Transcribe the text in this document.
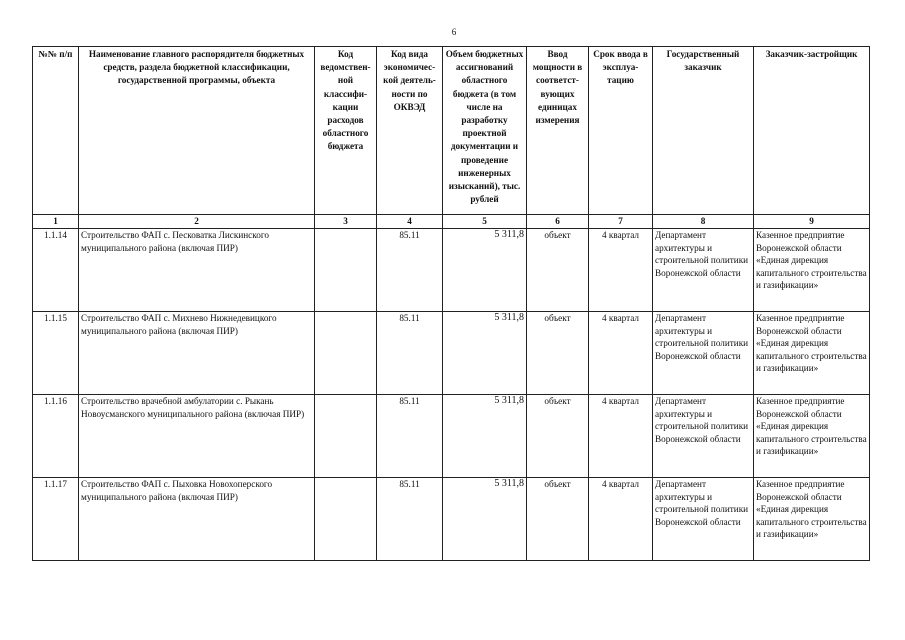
6
№№ п/п	Наименование главного распорядителя бюджетных средств, раздела бюджетной классификации, государственной программы, объекта	Код ведомствен-ной классифи-кации расходов областного бюджета	Код вида экономичес-кой деятель-ности по ОКВЭД	Объем бюджетных ассигнований областного бюджета (в том числе на разработку проектной документации и проведение инженерных изысканий), тыс. рублей	Ввод мощности в соответст-вующих единицах измерения	Срок ввода в эксплуа-тацию	Государственный заказчик	Заказчик-застройщик
1	2	3	4	5	6	7	8	9
1.1.14	Строительство ФАП с. Песковатка Лискинского муниципального района (включая ПИР)		85.11	5 311,8	объект	4 квартал	Департамент архитектуры и строительной политики Воронежской области	Казенное предприятие Воронежской области «Единая дирекция капитального строительства и газификации»
1.1.15	Строительство ФАП с. Михнево Нижнедевицкого муниципального района (включая ПИР)		85.11	5 311,8	объект	4 квартал	Департамент архитектуры и строительной политики Воронежской области	Казенное предприятие Воронежской области «Единая дирекция капитального строительства и газификации»
1.1.16	Строительство врачебной амбулатории с. Рыкань Новоусманского муниципального района (включая ПИР)		85.11	5 311,8	объект	4 квартал	Департамент архитектуры и строительной политики Воронежской области	Казенное предприятие Воронежской области «Единая дирекция капитального строительства и газификации»
1.1.17	Строительство ФАП с. Пыховка Новохоперского муниципального района (включая ПИР)		85.11	5 311,8	объект	4 квартал	Департамент архитектуры и строительной политики Воронежской области	Казенное предприятие Воронежской области «Единая дирекция капитального строительства и газификации»
